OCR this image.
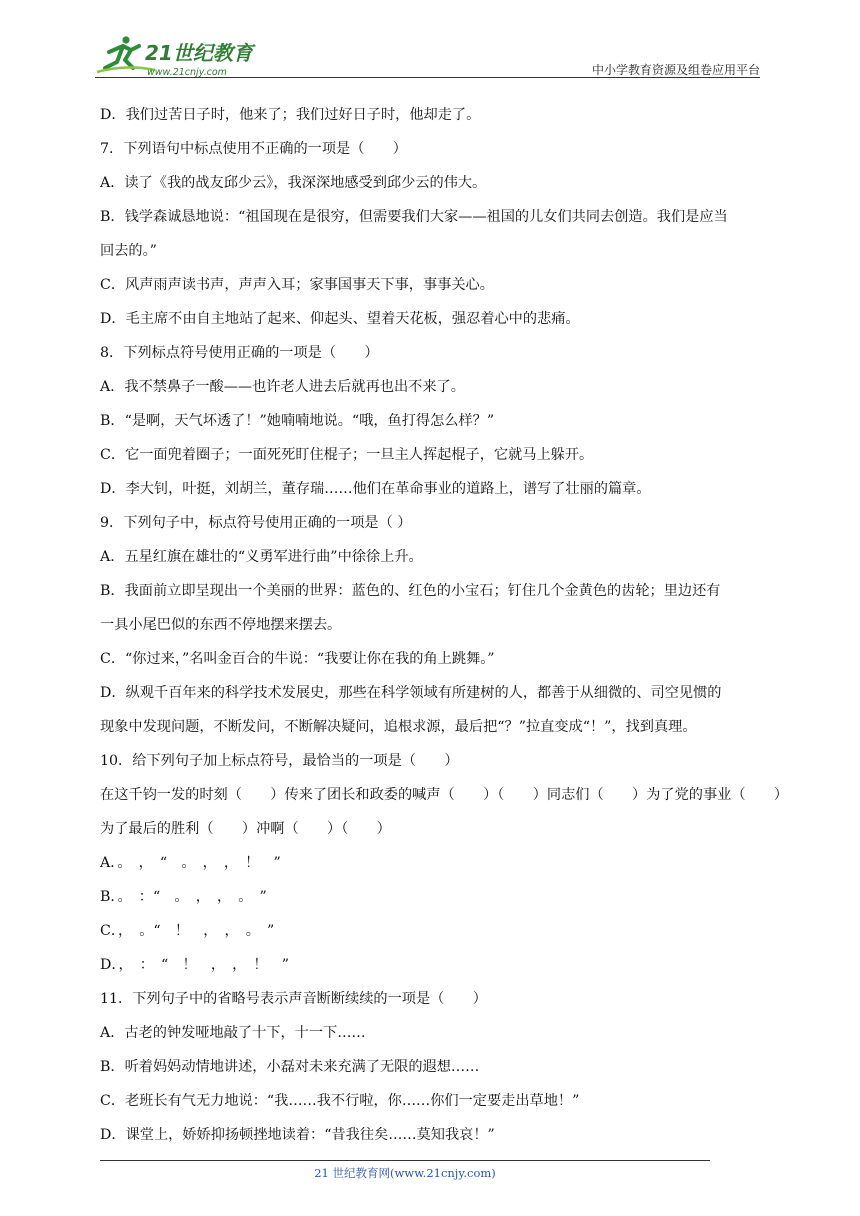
21世纪教育
www.21cnjy.com	中小学教育资源及组卷应用平台
D．我们过苦日子时，他来了；我们过好日子时，他却走了。
7．下列语句中标点使用不正确的一项是（　　）
A．读了《我的战友邱少云》，我深深地感受到邱少云的伟大。
B．钱学森诚恳地说：“祖国现在是很穷，但需要我们大家——祖国的儿女们共同去创造。我们是应当
回去的。”
C．风声雨声读书声，声声入耳；家事国事天下事，事事关心。
D．毛主席不由自主地站了起来、仰起头、望着天花板，强忍着心中的悲痛。
8．下列标点符号使用正确的一项是（　　）
A．我不禁鼻子一酸——也许老人进去后就再也出不来了。
B．“是啊，天气坏透了！”她喃喃地说。“哦，鱼打得怎么样？”
C．它一面兜着圈子；一面死死盯住棍子；一旦主人挥起棍子，它就马上躲开。
D．李大钊，叶挺，刘胡兰，董存瑞……他们在革命事业的道路上，谱写了壮丽的篇章。
9．下列句子中，标点符号使用正确的一项是（ ）
A．五星红旗在雄壮的“义勇军进行曲”中徐徐上升。
B．我面前立即呈现出一个美丽的世界：蓝色的、红色的小宝石；钉住几个金黄色的齿轮；里边还有
一具小尾巴似的东西不停地摆来摆去。
C．“你过来，”名叫金百合的牛说：“我要让你在我的角上跳舞。”
D．纵观千百年来的科学技术发展史，那些在科学领域有所建树的人，都善于从细微的、司空见惯的
现象中发现问题，不断发问，不断解决疑问，追根求源，最后把“？”拉直变成“！”，找到真理。
10．给下列句子加上标点符号，最恰当的一项是（　　）
在这千钧一发的时刻（　　）传来了团长和政委的喊声（　　）（　　）同志们（　　）为了党的事业（　　）
为了最后的胜利（　　）冲啊（　　）（　　）
A．。　，　“　。　，　，　！　”
B．。　：“　。　，　，　。　”
C．，　。“　！　，　，　。　”
D．，　：　“　！　，　，　！　”
11．下列句子中的省略号表示声音断断续续的一项是（　　）
A．古老的钟发哑地敲了十下，十一下……
B．听着妈妈动情地讲述，小磊对未来充满了无限的遐想……
C．老班长有气无力地说：“我……我不行啦，你……你们一定要走出草地！”
D．课堂上，娇娇抑扬顿挫地读着：“昔我往矣……莫知我哀！”
21 世纪教育网(www.21cnjy.com)
